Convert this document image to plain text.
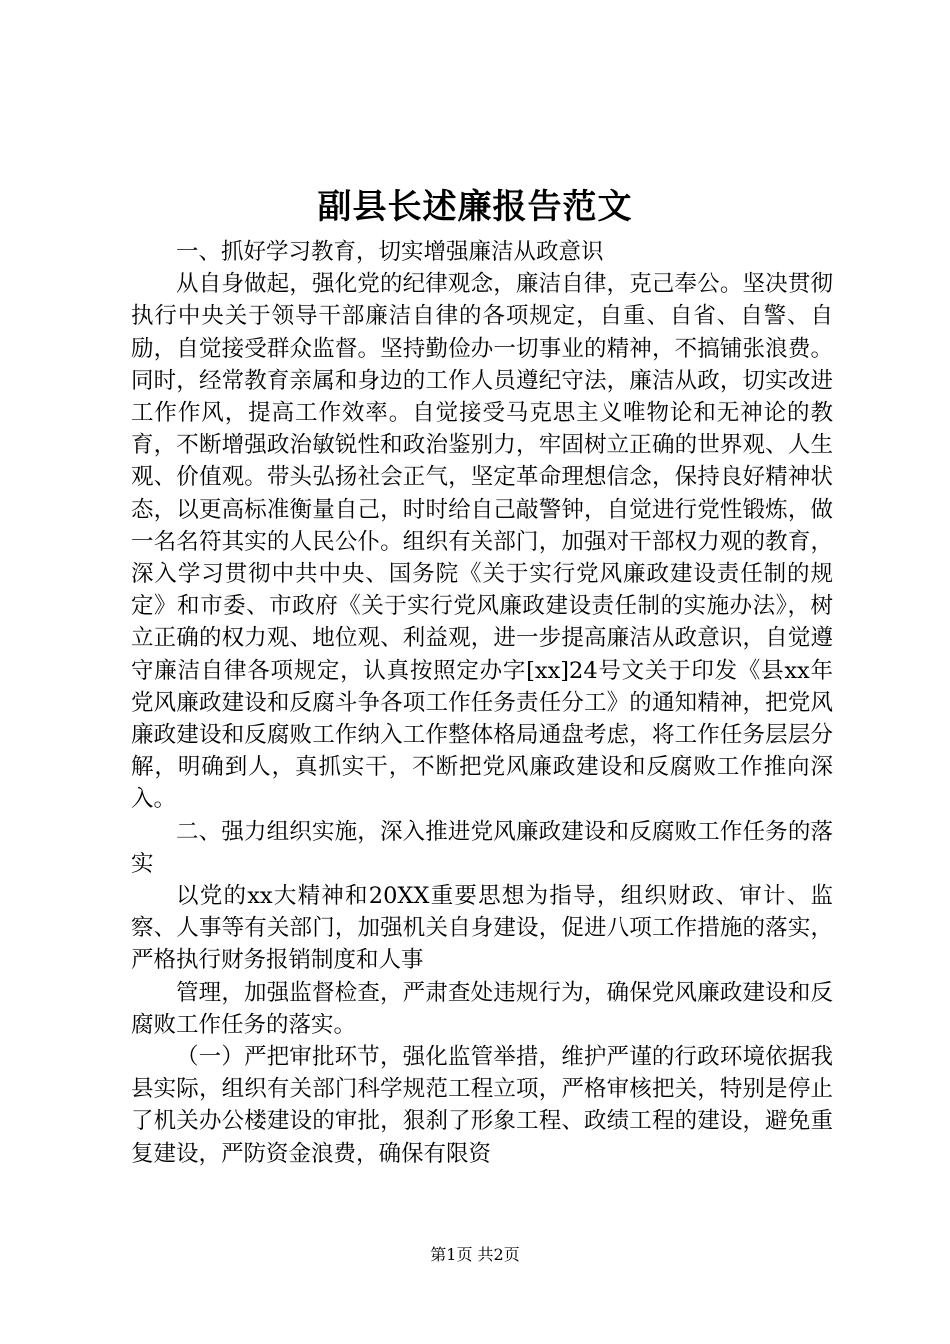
副县长述廉报告范文

一、抓好学习教育，切实增强廉洁从政意识

从自身做起，强化党的纪律观念，廉洁自律，克己奉公。坚决贯彻执行中央关于领导干部廉洁自律的各项规定，自重、自省、自警、自励，自觉接受群众监督。坚持勤俭办一切事业的精神，不搞铺张浪费。同时，经常教育亲属和身边的工作人员遵纪守法，廉洁从政，切实改进工作作风，提高工作效率。自觉接受马克思主义唯物论和无神论的教育，不断增强政治敏锐性和政治鉴别力，牢固树立正确的世界观、人生观、价值观。带头弘扬社会正气，坚定革命理想信念，保持良好精神状态，以更高标准衡量自己，时时给自己敲警钟，自觉进行党性锻炼，做一名名符其实的人民公仆。组织有关部门，加强对干部权力观的教育，深入学习贯彻中共中央、国务院《关于实行党风廉政建设责任制的规定》和市委、市政府《关于实行党风廉政建设责任制的实施办法》，树立正确的权力观、地位观、利益观，进一步提高廉洁从政意识，自觉遵守廉洁自律各项规定，认真按照定办字[xx]24号文关于印发《县xx年党风廉政建设和反腐斗争各项工作任务责任分工》的通知精神，把党风廉政建设和反腐败工作纳入工作整体格局通盘考虑，将工作任务层层分解，明确到人，真抓实干，不断把党风廉政建设和反腐败工作推向深入。

二、强力组织实施，深入推进党风廉政建设和反腐败工作任务的落实

以党的xx大精神和20XX重要思想为指导，组织财政、审计、监察、人事等有关部门，加强机关自身建设，促进八项工作措施的落实，严格执行财务报销制度和人事

管理，加强监督检查，严肃查处违规行为，确保党风廉政建设和反腐败工作任务的落实。

（一）严把审批环节，强化监管举措，维护严谨的行政环境依据我县实际，组织有关部门科学规范工程立项，严格审核把关，特别是停止了机关办公楼建设的审批，狠刹了形象工程、政绩工程的建设，避免重复建设，严防资金浪费，确保有限资

第1页 共2页
